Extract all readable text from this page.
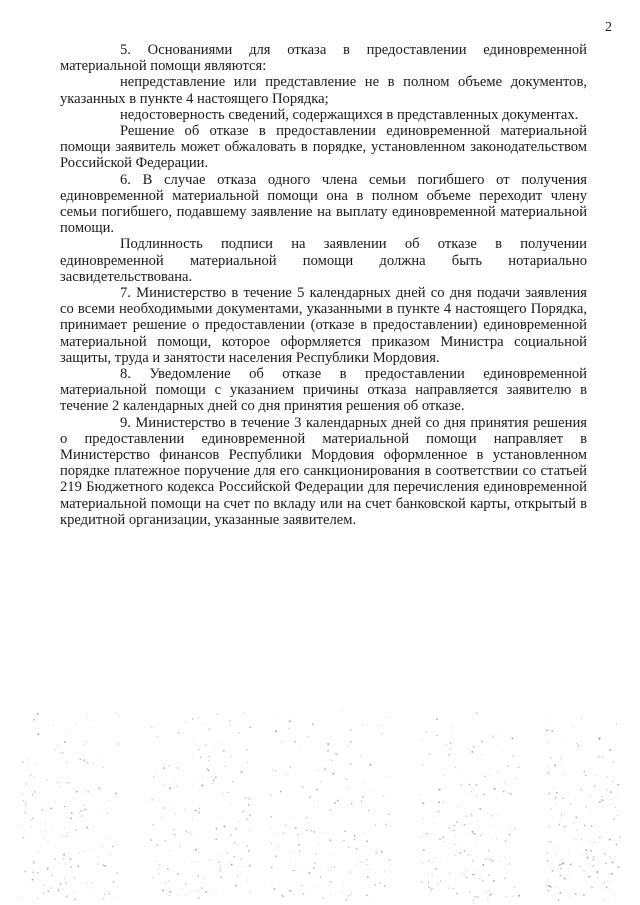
2

5. Основаниями для отказа в предоставлении единовременной материальной помощи являются:

непредставление или представление не в полном объеме документов, указанных в пункте 4 настоящего Порядка;

недостоверность сведений, содержащихся в представленных документах.

Решение об отказе в предоставлении единовременной материальной помощи заявитель может обжаловать в порядке, установленном законодательством Российской Федерации.

6. В случае отказа одного члена семьи погибшего от получения единовременной материальной помощи она в полном объеме переходит члену семьи погибшего, подавшему заявление на выплату единовременной материальной помощи.

Подлинность подписи на заявлении об отказе в получении единовременной материальной помощи должна быть нотариально засвидетельствована.

7. Министерство в течение 5 календарных дней со дня подачи заявления со всеми необходимыми документами, указанными в пункте 4 настоящего Порядка, принимает решение о предоставлении (отказе в предоставлении) единовременной материальной помощи, которое оформляется приказом Министра социальной защиты, труда и занятости населения Республики Мордовия.

8. Уведомление об отказе в предоставлении единовременной материальной помощи с указанием причины отказа направляется заявителю в течение 2 календарных дней со дня принятия решения об отказе.

9. Министерство в течение 3 календарных дней со дня принятия решения о предоставлении единовременной материальной помощи направляет в Министерство финансов Республики Мордовия оформленное в установленном порядке платежное поручение для его санкционирования в соответствии со статьей 219 Бюджетного кодекса Российской Федерации для перечисления единовременной материальной помощи на счет по вкладу или на счет банковской карты, открытый в кредитной организации, указанные заявителем.
